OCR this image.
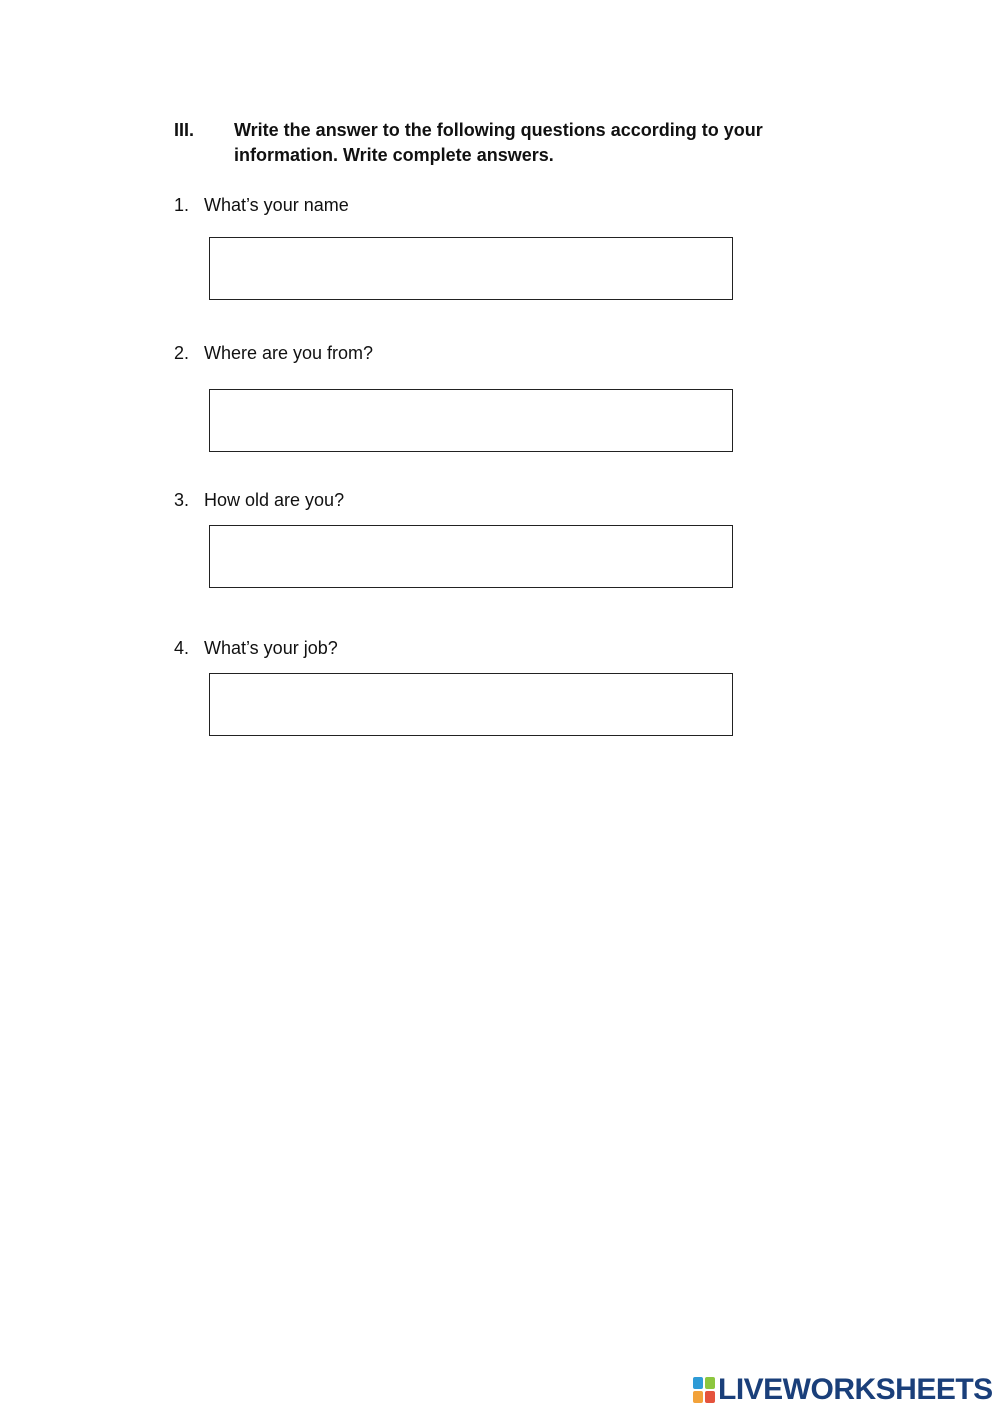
III. Write the answer to the following questions according to your information. Write complete answers.
1. What’s your name
2. Where are you from?
3. How old are you?
4. What’s your job?
LIVEWORKSHEETS
